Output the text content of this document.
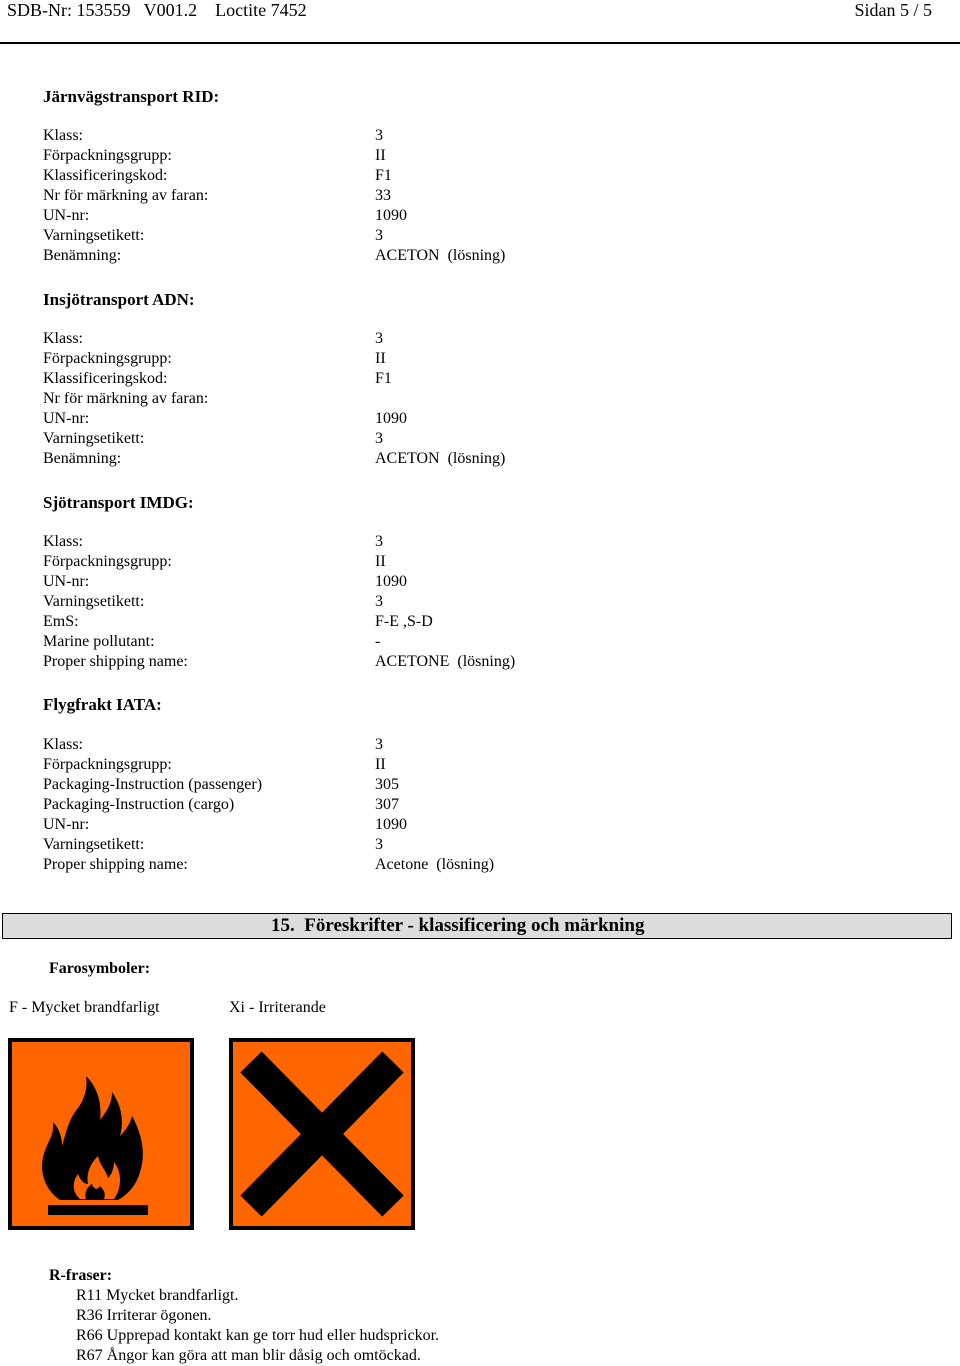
SDB-Nr: 153559   V001.2    Loctite 7452	Sidan 5 / 5
Järnvägstransport RID:
Klass:	3
Förpackningsgrupp:	II
Klassificeringskod:	F1
Nr för märkning av faran:	33
UN-nr:	1090
Varningsetikett:	3
Benämning:	ACETON  (lösning)
Insjötransport ADN:
Klass:	3
Förpackningsgrupp:	II
Klassificeringskod:	F1
Nr för märkning av faran:
UN-nr:	1090
Varningsetikett:	3
Benämning:	ACETON  (lösning)
Sjötransport IMDG:
Klass:	3
Förpackningsgrupp:	II
UN-nr:	1090
Varningsetikett:	3
EmS:	F-E ,S-D
Marine pollutant:	-
Proper shipping name:	ACETONE  (lösning)
Flygfrakt IATA:
Klass:	3
Förpackningsgrupp:	II
Packaging-Instruction (passenger)	305
Packaging-Instruction (cargo)	307
UN-nr:	1090
Varningsetikett:	3
Proper shipping name:	Acetone  (lösning)
15.  Föreskrifter - klassificering och märkning
Farosymboler:
F - Mycket brandfarligt	Xi - Irriterande
R-fraser:
R11 Mycket brandfarligt.
R36 Irriterar ögonen.
R66 Upprepad kontakt kan ge torr hud eller hudsprickor.
R67 Ångor kan göra att man blir dåsig och omtöckad.
